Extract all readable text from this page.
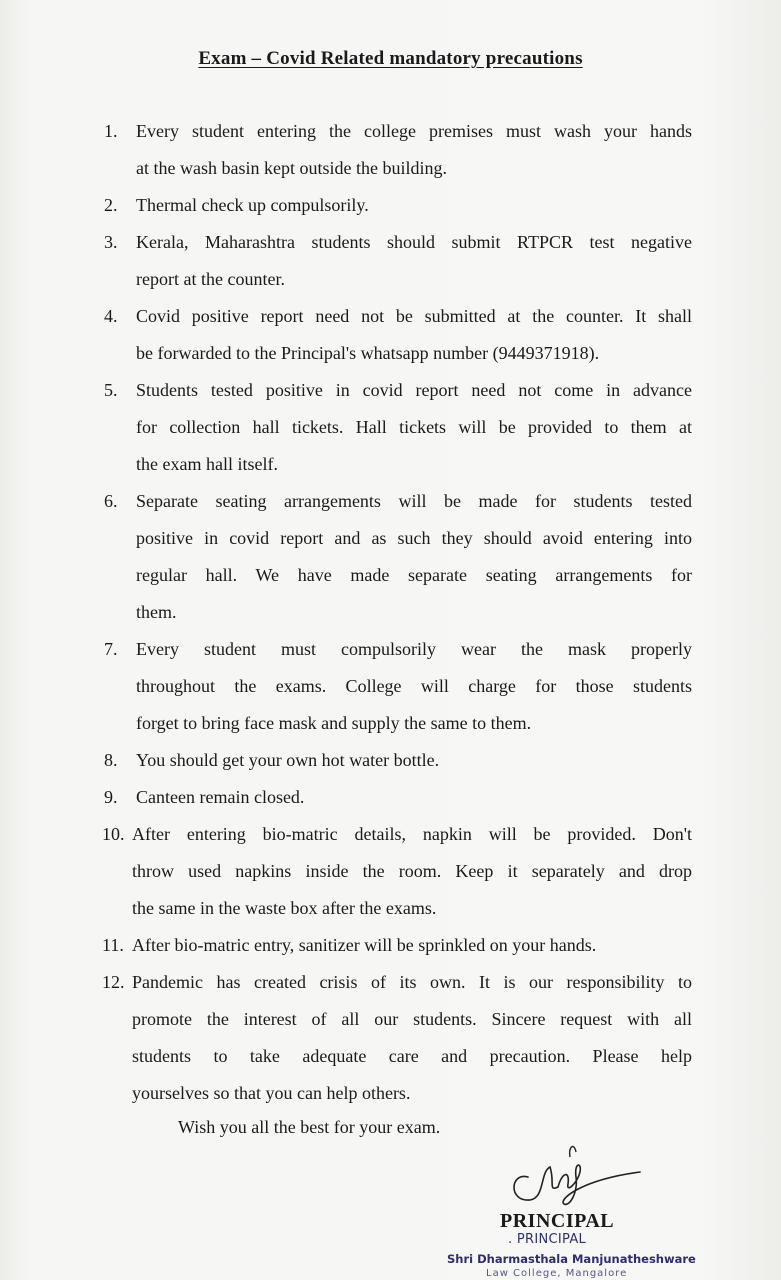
Exam – Covid Related mandatory precautions
1.	Every student entering the college premises must wash your hands
at the wash basin kept outside the building.
2.	Thermal check up compulsorily.
3.	Kerala, Maharashtra students should submit RTPCR test negative
report at the counter.
4.	Covid positive report need not be submitted at the counter. It shall
be forwarded to the Principal's whatsapp number (9449371918).
5.	Students tested positive in covid report need not come in advance
for collection hall tickets. Hall tickets will be provided to them at
the exam hall itself.
6.	Separate seating arrangements will be made for students tested
positive in covid report and as such they should avoid entering into
regular hall. We have made separate seating arrangements for
them.
7.	Every student must compulsorily wear the mask properly
throughout the exams. College will charge for those students
forget to bring face mask and supply the same to them.
8.	You should get your own hot water bottle.
9.	Canteen remain closed.
10. After entering bio-matric details, napkin will be provided. Don't
throw used napkins inside the room. Keep it separately and drop
the same in the waste box after the exams.
11. After bio-matric entry, sanitizer will be sprinkled on your hands.
12. Pandemic has created crisis of its own. It is our responsibility to
promote the interest of all our students. Sincere request with all
students to take adequate care and precaution. Please help
yourselves so that you can help others.
Wish you all the best for your exam.
PRINCIPAL
. PRINCIPAL
Shri Dharmasthala Manjunatheshware
Law College, Mangalore
